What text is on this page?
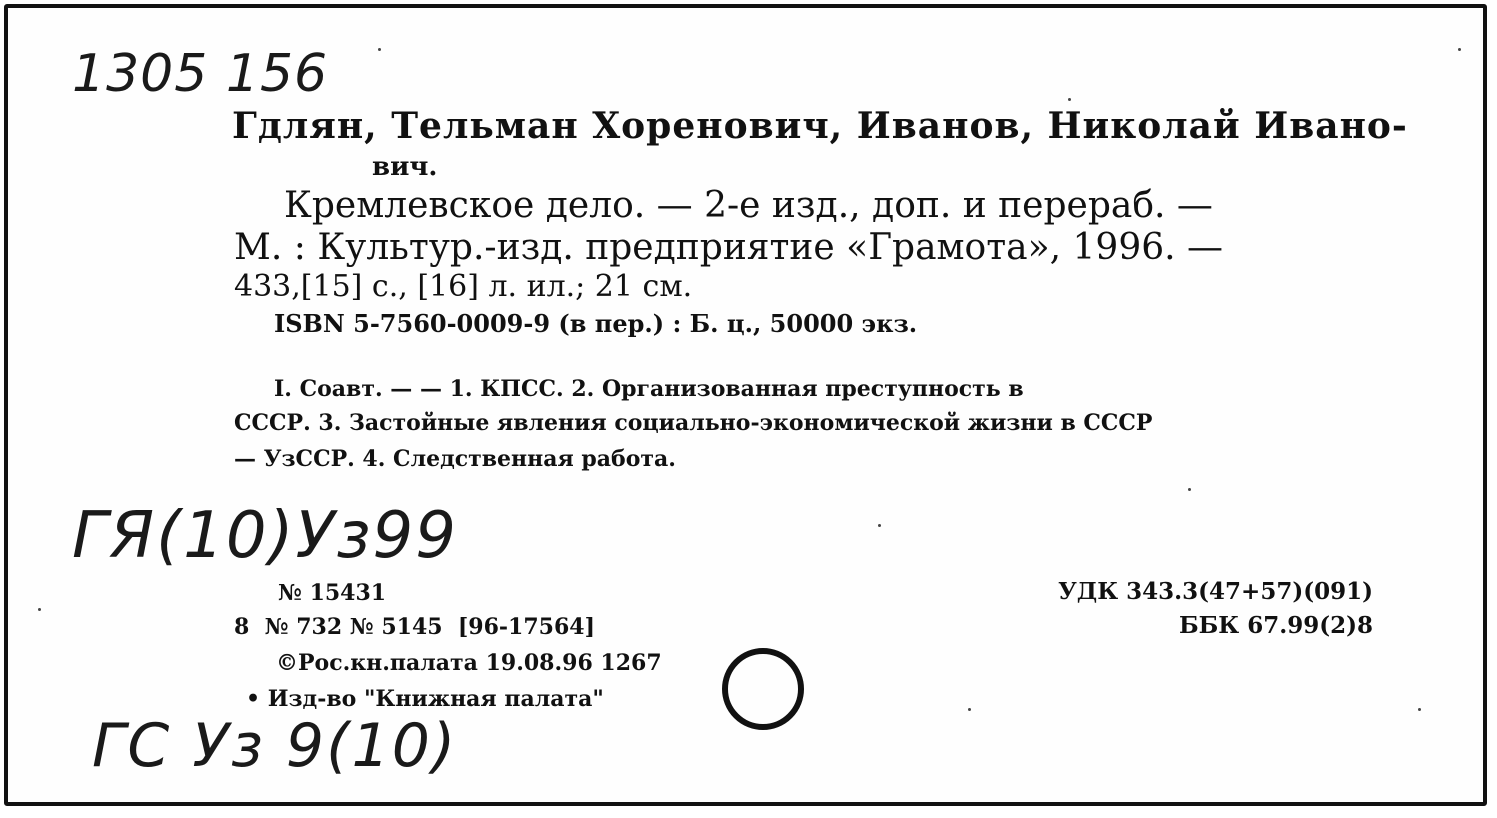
1305 156
Гдлян, Тельман Хоренович, Иванов, Николай Ивано-
вич.
Кремлевское дело. — 2-е изд., доп. и перераб. —
М. : Культур.-изд. предприятие «Грамота», 1996. —
433,[15] с., [16] л. ил.; 21 см.
ISBN 5-7560-0009-9 (в пер.) : Б. ц., 50000 экз.
I. Соавт. — — 1. КПСС. 2. Организованная преступность в
СССР. 3. Застойные явления социально-экономической жизни в СССР
— УзССР. 4. Следственная работа.
ГЯ(10)Уз99
№ 15431
8  № 732 № 5145  [96-17564]
©Рос.кн.палата 19.08.96 1267
• Изд-во "Книжная палата"
УДК 343.3(47+57)(091)
ББК 67.99(2)8
ГС Уз 9(10)
